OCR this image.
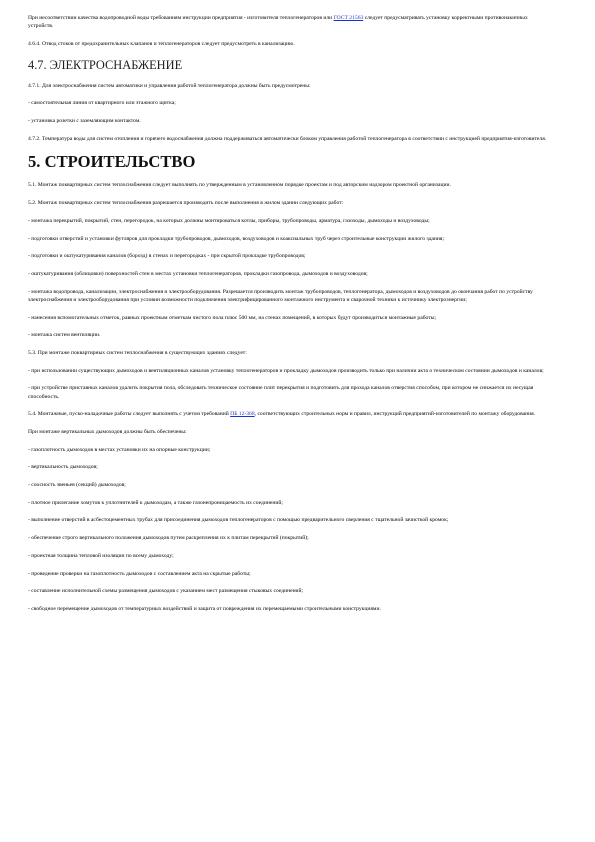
При несоответствии качества водопроводной воды требованиям инструкции предприятия - изготовителя теплогенераторов или ГОСТ 21563 следует предусматривать установку корректными противонакипных устройств.

4.6.4. Отвод стоков от предохранительных клапанов и теплогенераторов следует предусмотреть в канализацию.

4.7. ЭЛЕКТРОСНАБЖЕНИЕ

4.7.1. Для электроснабжения систем автоматики и управления работой теплогенератора должны быть предусмотрены:

- самостоятельная линия от квартирного или этажного щитка;

- установка розетки с заземляющим контактом.

4.7.2. Температура воды для систем отопления и горячего водоснабжения должна поддерживаться автоматически блоком управления работой теплогенератора в соответствии с инструкцией предприятия-изготовителя.

5. СТРОИТЕЛЬСТВО

5.1. Монтаж поквартирных систем теплоснабжения следует выполнять по утвержденным в установленном порядке проектам и под авторским надзором проектной организации.

5.2. Монтаж поквартирных систем теплоснабжения разрешается производить после выполнения в жилом здании следующих работ:

- монтажа перекрытий, покрытий, стен, перегородок, на которых должны монтироваться котлы, приборы, трубопроводы, арматура, газоходы, дымоходы и воздуховоды;

- подготовки отверстий и установки футляров для прокладки трубопроводов, дымоходов, воздуховодов и коаксиальных труб через строительные конструкции жилого здания;

- подготовки и оштукатуривания каналов (борозд) в стенах и перегородках - при скрытой прокладке трубопроводов;

- оштукатуривания (облицовки) поверхностей стен в местах установки теплогенераторов, прокладки газопровода, дымоходов и воздуховодов;

- монтажа водопровода, канализации, электроснабжения и электрооборудования. Разрешается производить монтаж трубопроводов, теплогенератора, дымоходов и воздуховодов до окончания работ по устройству электроснабжения и электрооборудования при условии возможности подключения электрифицированного монтажного инструмента и сварочной техники к источнику электроэнергии;

- нанесения вспомогательных отметок, равных проектным отметкам чистого пола плюс 500 мм, на стенах помещений, в которых будут производиться монтажные работы;

- монтажа систем вентиляции.

5.3. При монтаже поквартирных систем теплоснабжения в существующих зданиях следует:

- при использовании существующих дымоходов и вентиляционных каналов установку теплогенераторов и прокладку дымоходов производить только при наличии акта о техническом состоянии дымоходов и каналов;

- при устройстве приставных каналов удалить покрытия пола, обследовать техническое состояние плит перекрытия и подготовить для прохода каналов отверстия способом, при котором не снижается их несущая способность.

5.4. Монтажные, пуско-наладочные работы следует выполнять с учетом требований ПБ 12-368, соответствующих строительных норм и правил, инструкций предприятий-изготовителей по монтажу оборудования.

При монтаже вертикальных дымоходов должны быть обеспечены:

- газоплотность дымоходов в местах установки их на опорные конструкции;

- вертикальность дымоходов;

- соосность звеньев (секций) дымоходов;

- плотное прилегание хомутов к уплотнителей к дымоходам, а также газонепроницаемость их соединений;

- выполнение отверстий в асбестоцементных трубах для присоединения дымоходов теплогенераторов с помощью предварительного сверления с тщательной зачисткой кромок;

- обеспечение строго вертикального положения дымоходов путем раскрепления их к плитам перекрытий (покрытий);

- проектная толщина тепловой изоляции по всему дымоходу;

- проведение проверки на газоплотность дымоходов с составлением акта на скрытые работы;

- составление исполнительной схемы размещения дымоходов с указанием мест размещения стыковых соединений;

- свободное перемещение дымоходов от температурных воздействий и защита от повреждения их перемещаемыми строительными конструкциями.
